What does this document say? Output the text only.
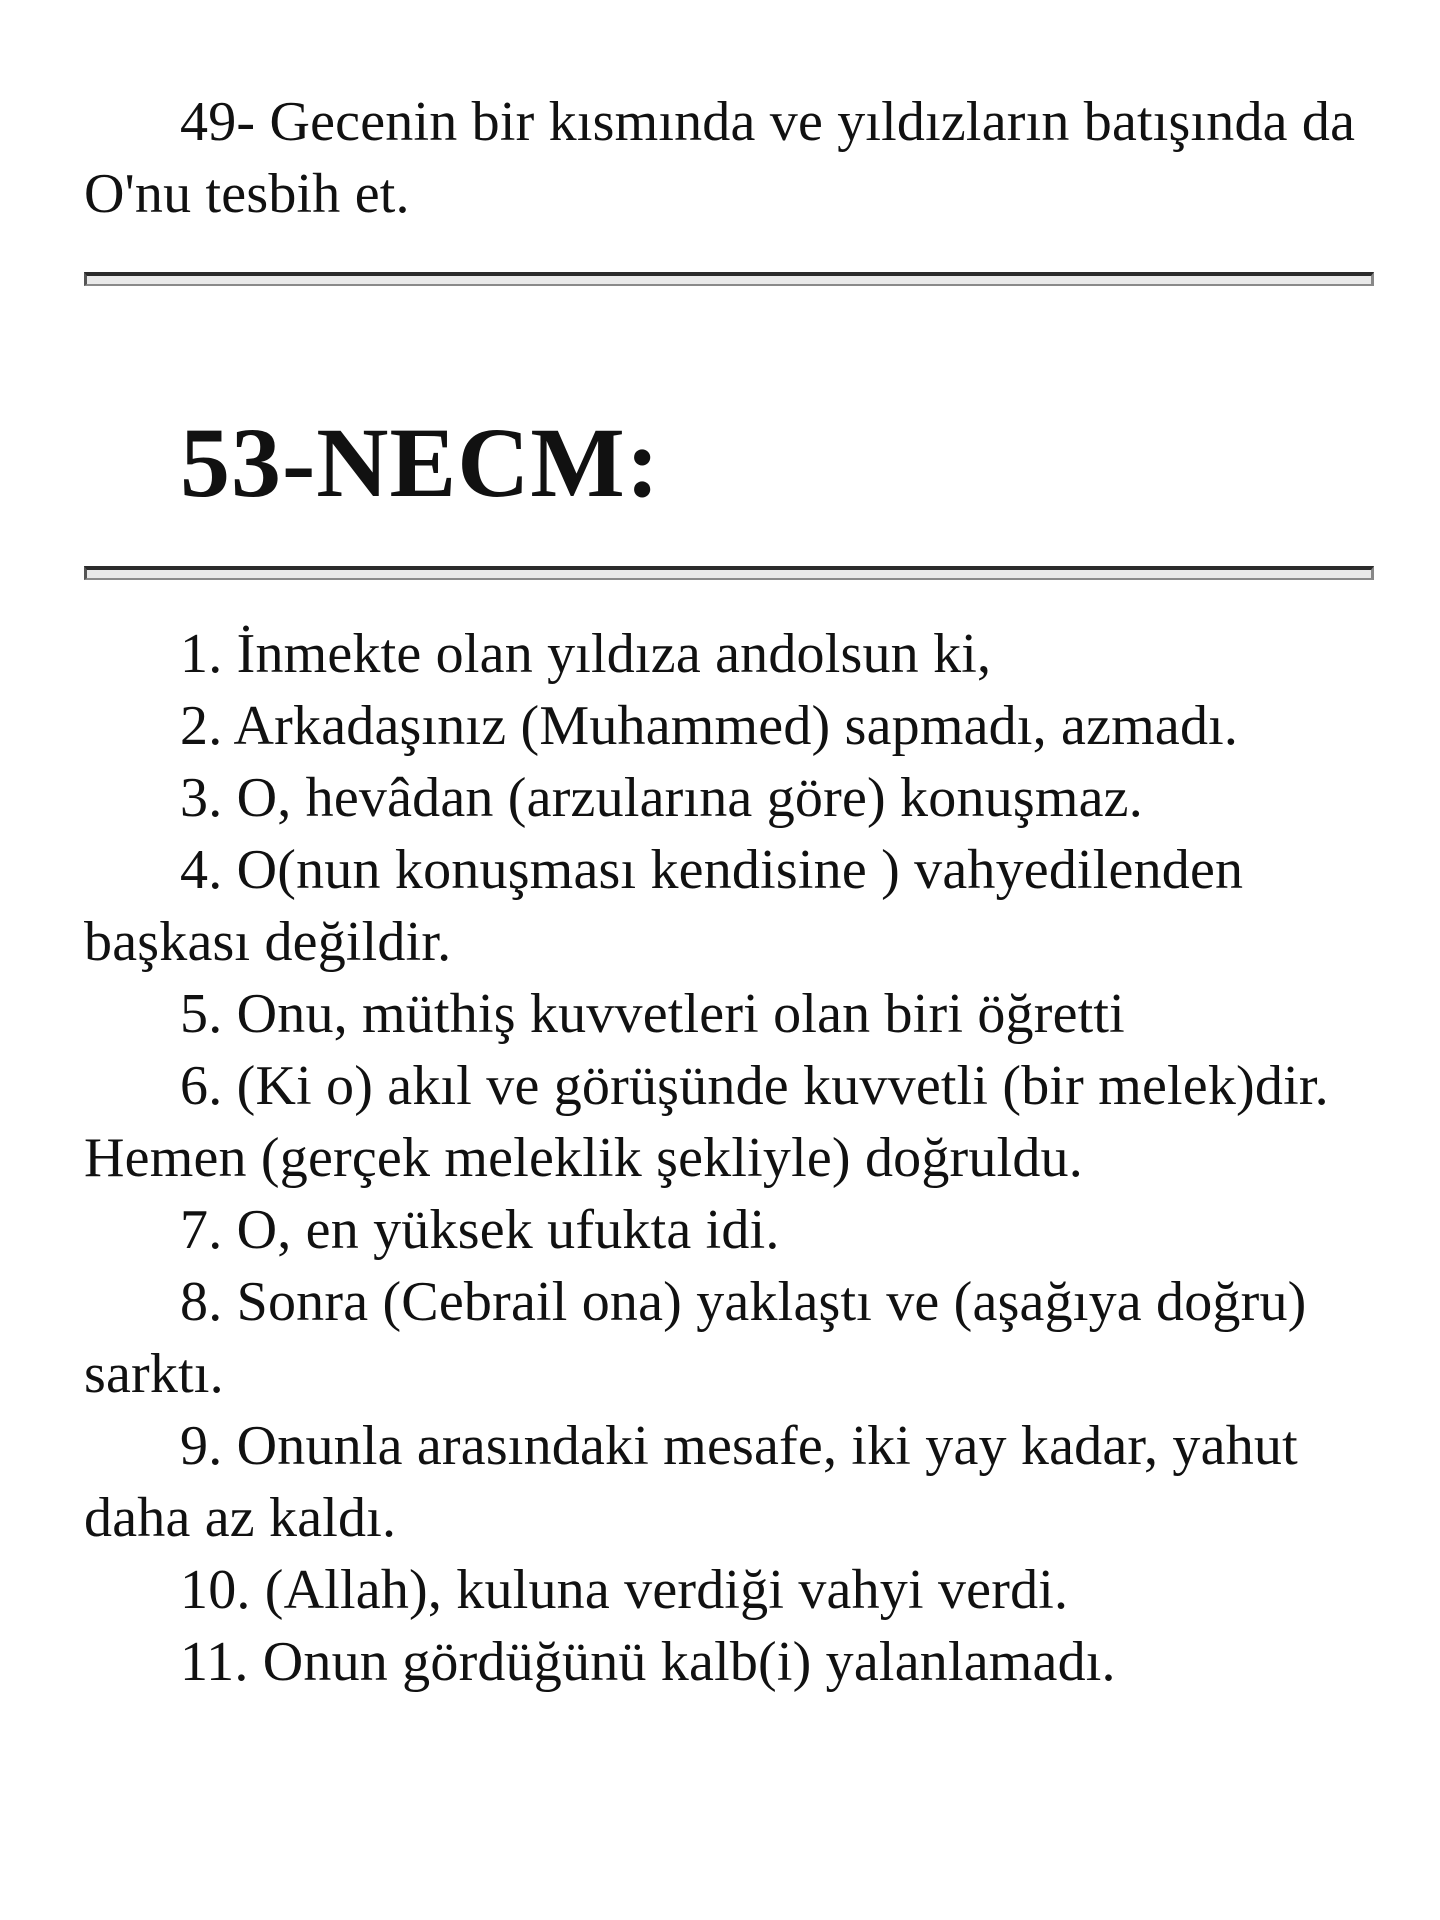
49- Gecenin bir kısmında ve yıldızların batışında da O'nu tesbih et.

53-NECM:

1. İnmekte olan yıldıza andolsun ki,

2. Arkadaşınız (Muhammed) sapmadı, azmadı.

3. O, hevâdan (arzularına göre) konuşmaz.

4. O(nun konuşması kendisine ) vahyedilenden başkası değildir.

5. Onu, müthiş kuvvetleri olan biri öğretti

6. (Ki o) akıl ve görüşünde kuvvetli (bir melek)dir. Hemen (gerçek meleklik şekliyle) doğruldu.

7. O, en yüksek ufukta idi.

8. Sonra (Cebrail ona) yaklaştı ve (aşağıya doğru) sarktı.

9. Onunla arasındaki mesafe, iki yay kadar, yahut daha az kaldı.

10. (Allah), kuluna verdiği vahyi verdi.

11. Onun gördüğünü kalb(i) yalanlamadı.
